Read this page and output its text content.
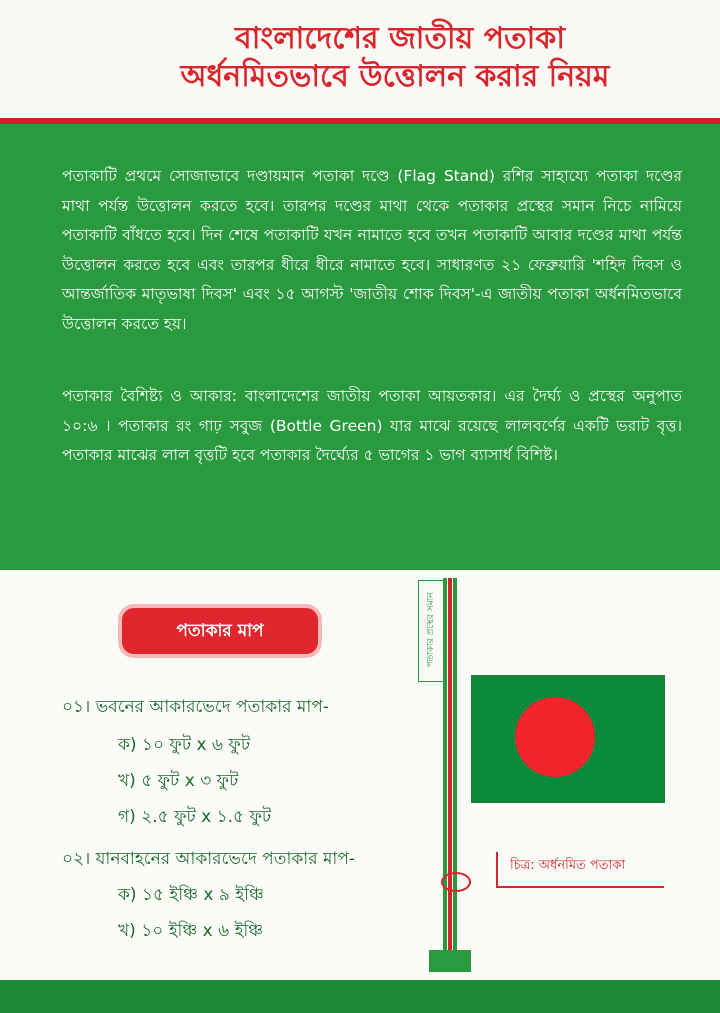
বাংলাদেশের জাতীয় পতাকা
অর্ধনমিতভাবে উত্তোলন করার নিয়ম

পতাকাটি প্রথমে সোজাভাবে দণ্ডায়মান পতাকা দণ্ডে (Flag Stand) রশির সাহায্যে পতাকা দণ্ডের মাথা পর্যন্ত উত্তোলন করতে হবে। তারপর দণ্ডের মাথা থেকে পতাকার প্রস্থের সমান নিচে নামিয়ে পতাকাটি বাঁধতে হবে। দিন শেষে পতাকাটি যখন নামাতে হবে তখন পতাকাটি আবার দণ্ডের মাথা পর্যন্ত উত্তোলন করতে হবে এবং তারপর ধীরে ধীরে নামাতে হবে। সাধারণত ২১ ফেব্রুয়ারি 'শহিদ দিবস ও আন্তর্জাতিক মাতৃভাষা দিবস' এবং ১৫ আগস্ট 'জাতীয় শোক দিবস'-এ জাতীয় পতাকা অর্ধনমিতভাবে উত্তোলন করতে হয়।

পতাকার বৈশিষ্ট্য ও আকার: বাংলাদেশের জাতীয় পতাকা আয়তকার। এর দৈর্ঘ্য ও প্রস্থের অনুপাত ১০:৬ । পতাকার রং গাঢ় সবুজ (Bottle Green) যার মাঝে রয়েছে লালবর্ণের একটি ভরাট বৃত্ত। পতাকার মাঝের লাল বৃত্তটি হবে পতাকার দৈর্ঘ্যের ৫ ভাগের ১ ভাগ ব্যাসার্ধ বিশিষ্ট।

পতাকার মাপ
০১। ভবনের আকারভেদে পতাকার মাপ-
ক) ১০ ফুট x ৬ ফুট
খ) ৫ ফুট x ৩ ফুট
গ) ২.৫ ফুট x ১.৫ ফুট
০২। যানবাহনের আকারভেদে পতাকার মাপ-
ক) ১৫ ইঞ্চি x ৯ ইঞ্চি
খ) ১০ ইঞ্চি x ৬ ইঞ্চি
পতাকার প্রস্থের সমান
চিত্র: অর্ধনমিত পতাকা
